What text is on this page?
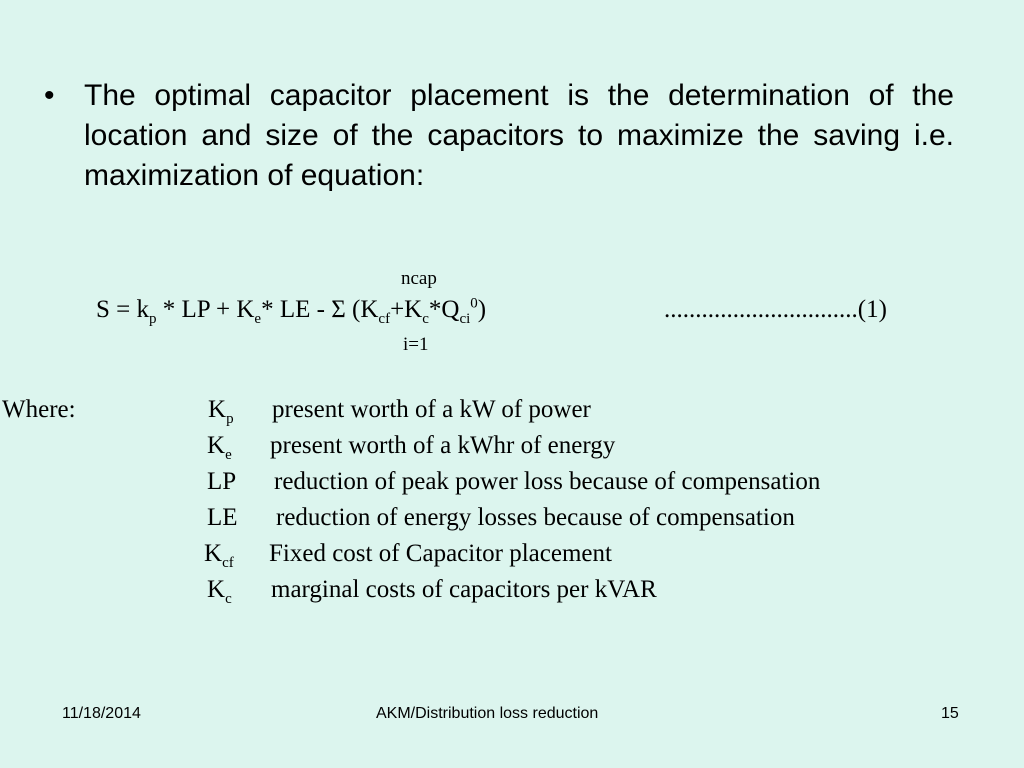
• The optimal capacitor placement is the determination of the location and size of the capacitors to maximize the saving i.e. maximization of equation:
ncap
$S = k_p$ * LP + $K_e*$ LE - Σ $(K_{cf}+K_c*Q_{ci}^0)$	...............................(1)
i=1
Where:	$K_p$ present worth of a kW of power
$K_e$ present worth of a kWhr of energy
LP reduction of peak power loss because of compensation
LE reduction of energy losses because of compensation
$K_{cf}$ Fixed cost of Capacitor placement
$K_c$ marginal costs of capacitors per kVAR
11/18/2014	AKM/Distribution loss reduction	15
